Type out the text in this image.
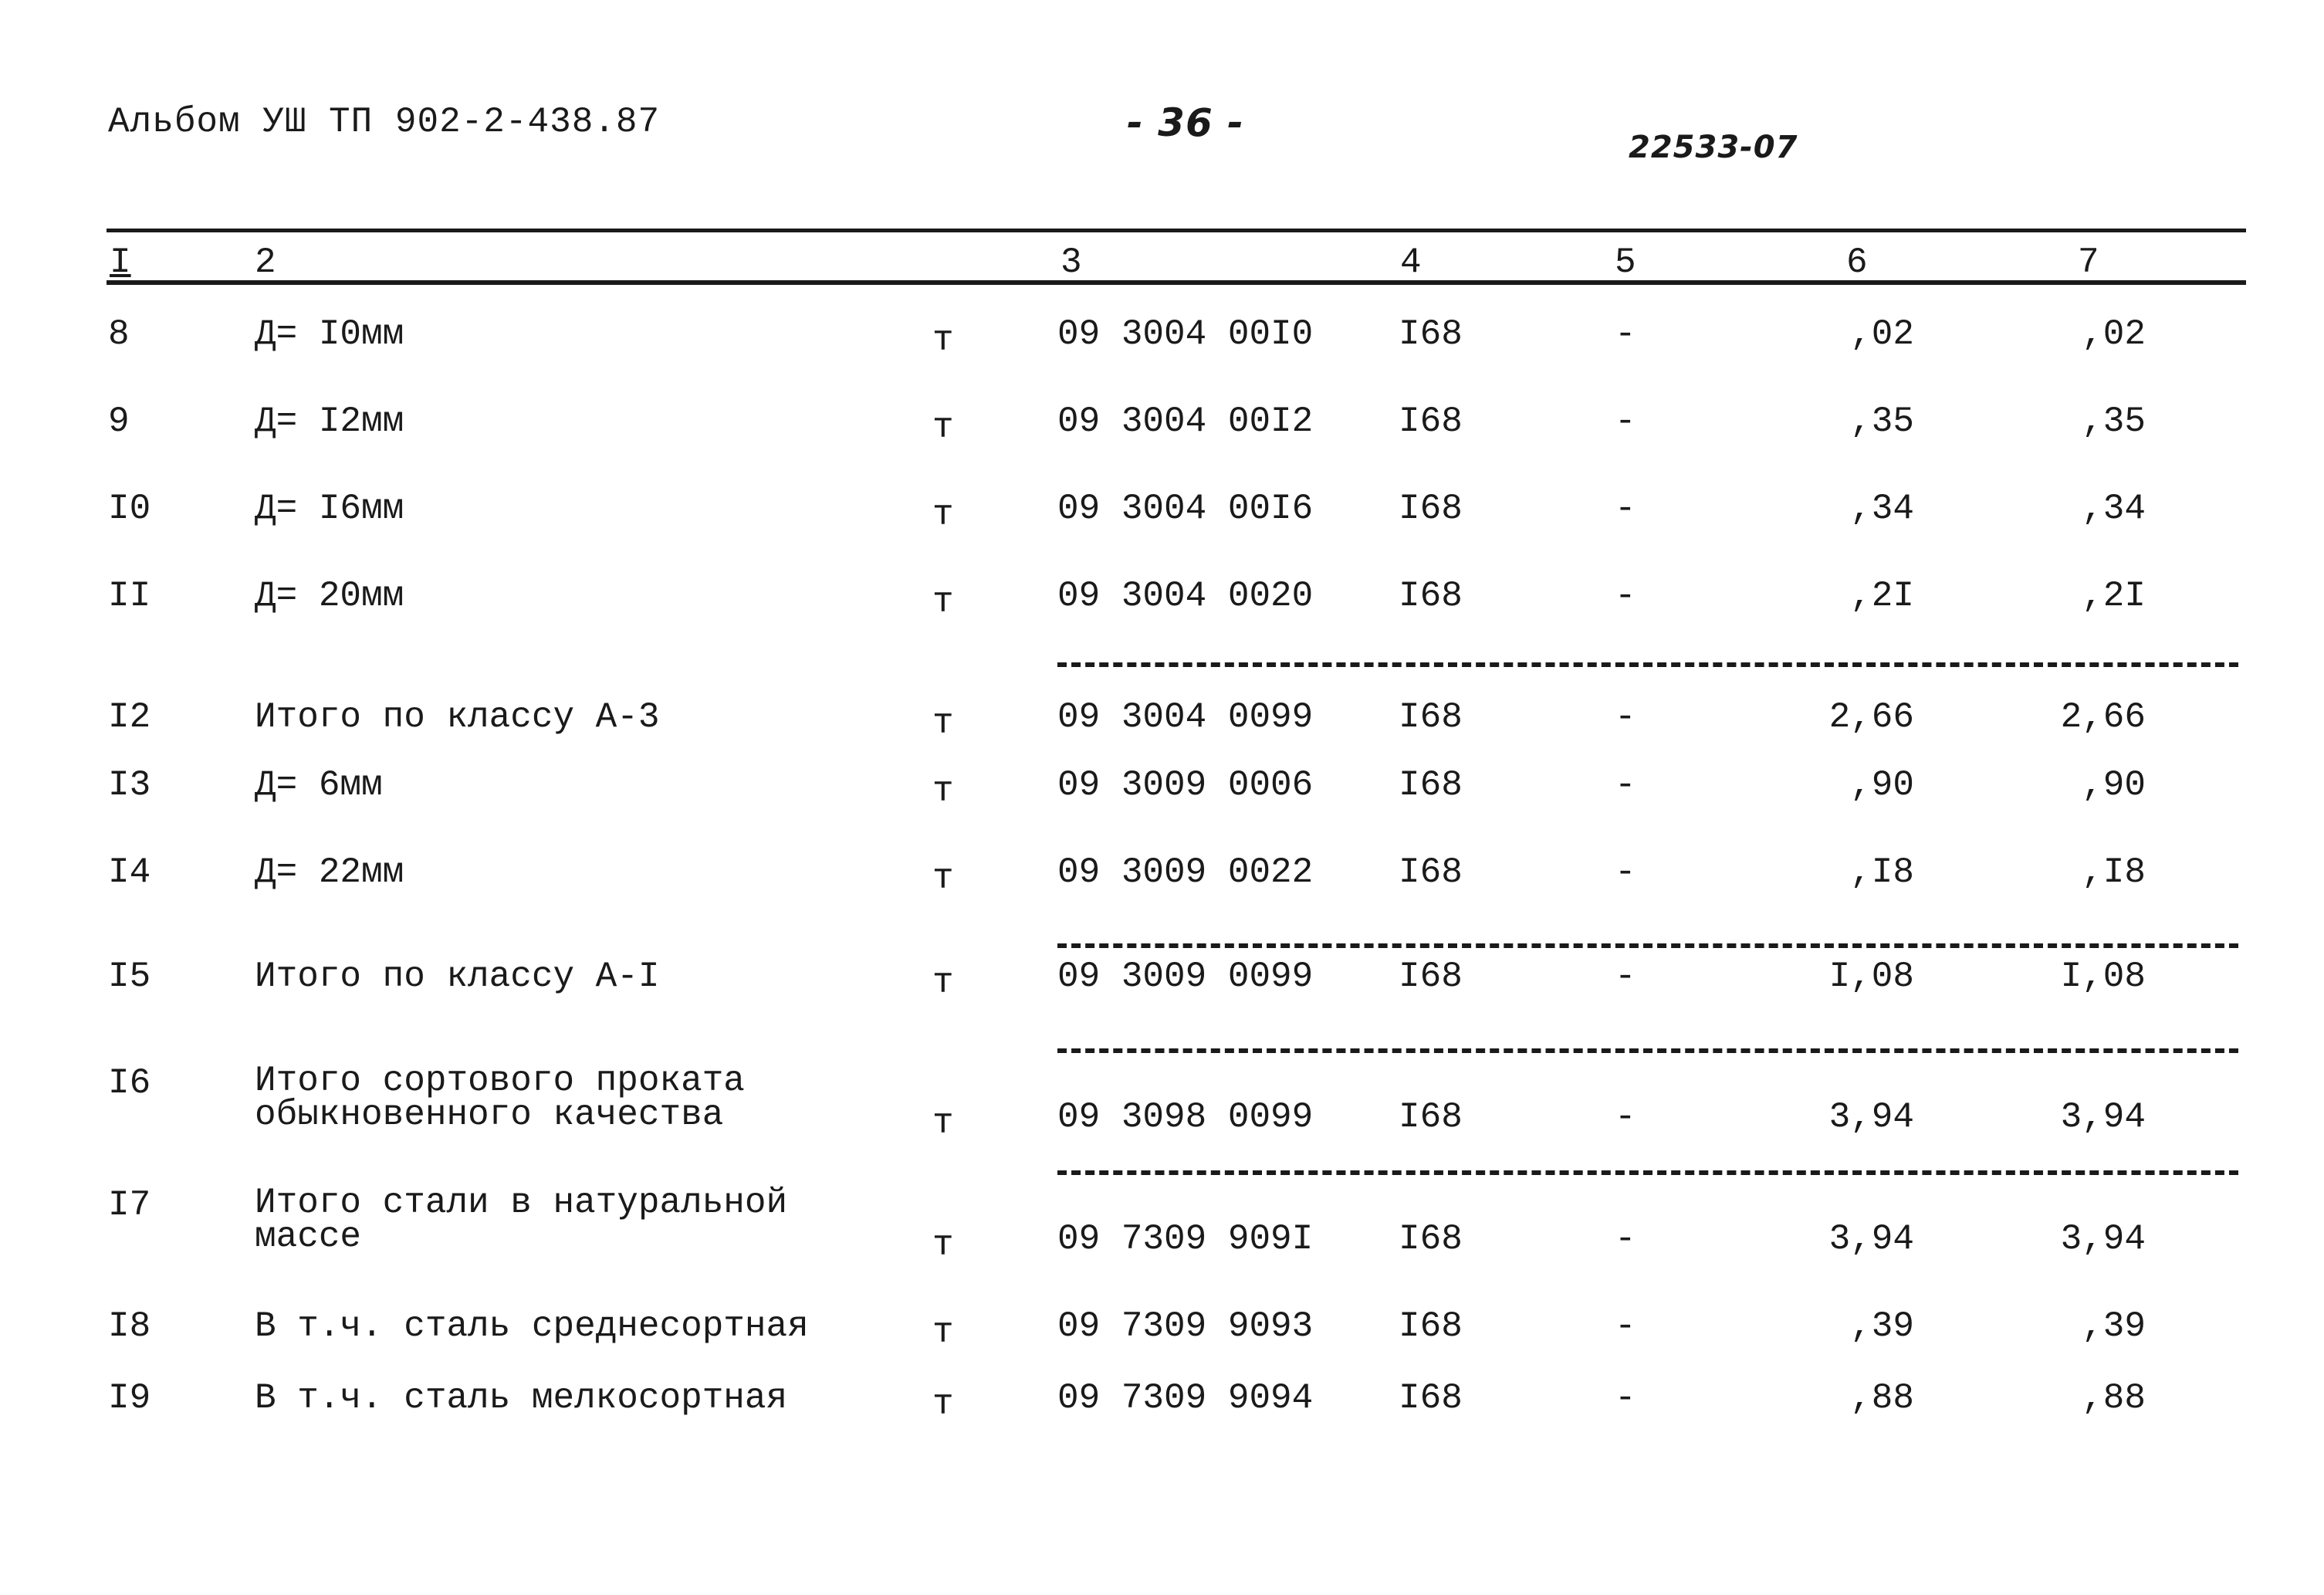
Альбом УШ ТП 902-2-438.87	- 36 -
22533-07
I	2	3	4	5	6	7
8	Д= I0мм	т	09 3004 00I0 I68	-	,02	,02
9	Д= I2мм	т	09 3004 00I2 I68	-	,35	,35
I0	Д= I6мм	т	09 3004 00I6 I68	-	,34	,34
II	Д= 20мм	т	09 3004 0020 I68	-	,2I	,2I
I2	Итого по классу А-3	т	09 3004 0099 I68	-	2,66	2,66
I3	Д= 6мм	т	09 3009 0006 I68	-	,90	,90
I4	Д= 22мм	т	09 3009 0022 I68	-	,I8	,I8
I5	Итого по классу А-I	т	09 3009 0099 I68	-	I,08	I,08
I6	Итого сортового проката
обыкновенного качества	т	09 3098 0099 I68	-	3,94	3,94
I7	Итого стали в натуральной
массе	т	09 7309 909I I68	-	3,94	3,94
I8	В т.ч. сталь среднесортная	т	09 7309 9093 I68	-	,39	,39
I9	В т.ч. сталь мелкосортная	т	09 7309 9094 I68	-	,88	,88
